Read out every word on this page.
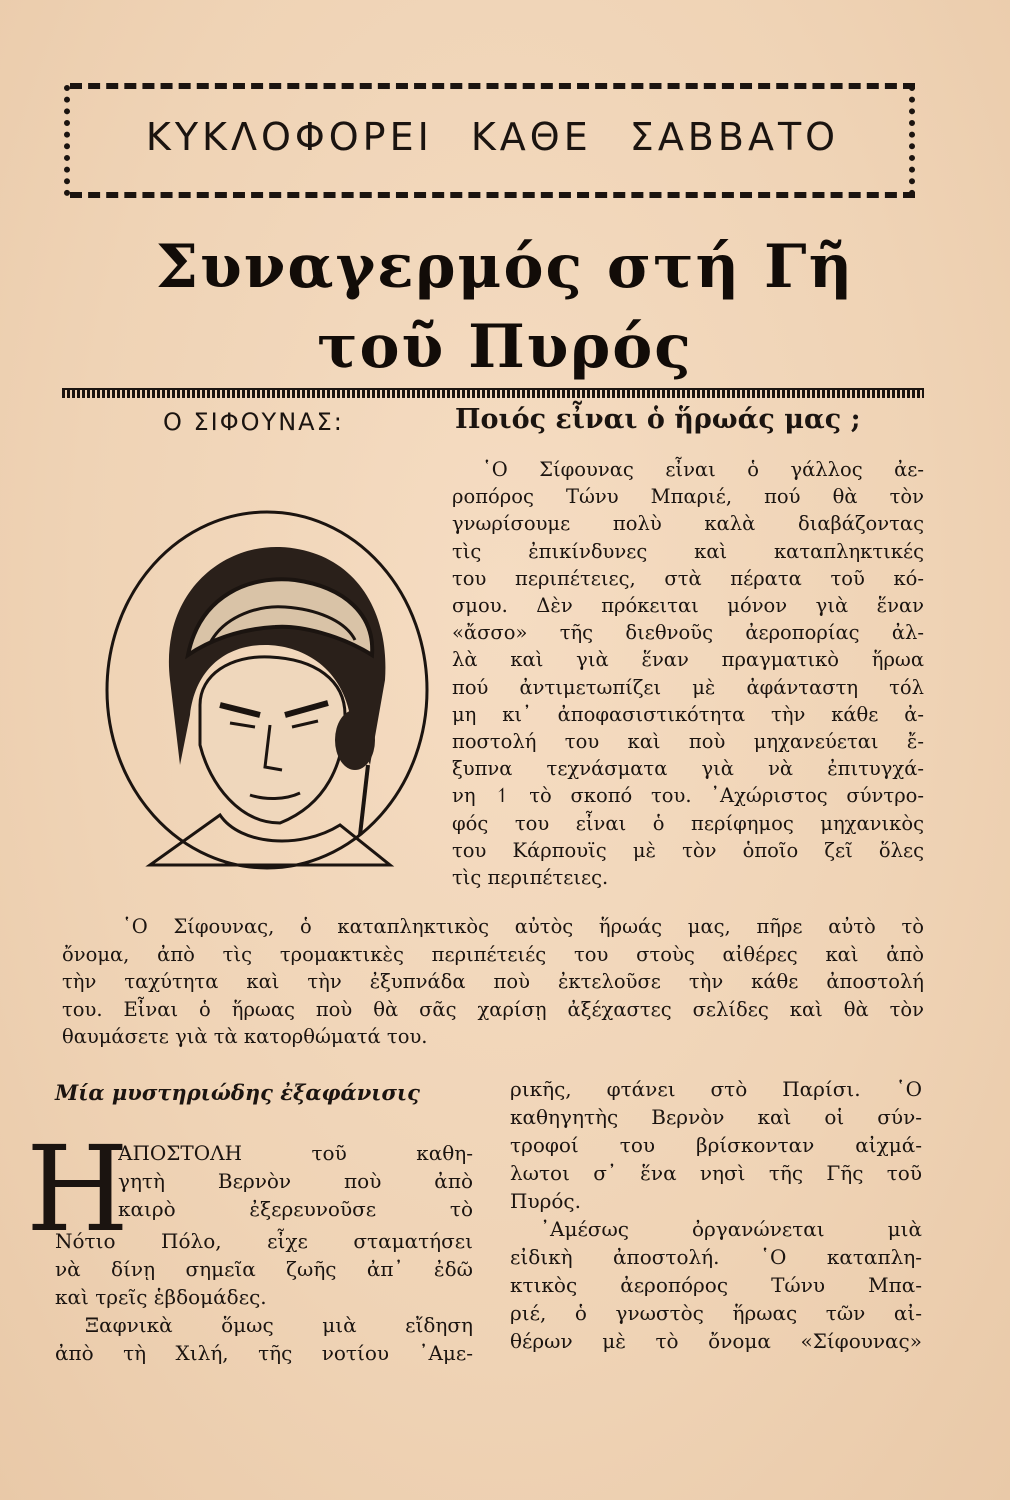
ΚΥΚΛΟΦΟΡΕΙ ΚΑΘΕ ΣΑΒΒΑΤΟ
Συναγερμός στή Γῆ
τοῦ Πυρός
Ο ΣΙΦΟΥΝΑΣ:	Ποιός εἶναι ὁ ἥρωάς μας ;
῾Ο Σίφουνας εἶναι ὁ γάλλος ἀε-
ροπόρος Τώνυ Μπαριέ, πού θὰ τὸν
γνωρίσουμε πολὺ καλὰ διαβάζοντας
τὶς ἐπικίνδυνες καὶ καταπληκτικές
του περιπέτειες, στὰ πέρατα τοῦ κό-
σμου. Δὲν πρόκειται μόνον γιὰ ἕναν
«ἄσσο» τῆς διεθνοῦς ἀεροπορίας ἀλ-
λὰ καὶ γιὰ ἕναν πραγματικὸ ἥρωα
πού ἀντιμετωπίζει μὲ ἀφάνταστη τόλ
μη κι᾿ ἀποφασιστικότητα τὴν κάθε ἀ-
ποστολή του καὶ ποὺ μηχανεύεται ἔ-
ξυπνα τεχνάσματα γιὰ νὰ ἐπιτυγχά-
νη ↿ τὸ σκοπό του. ᾿Αχώριστος σύντρο-
φός του εἶναι ὁ περίφημος μηχανικὸς
του Κάρπουϊς μὲ τὸν ὁποῖο ζεῖ ὅλες
τὶς περιπέτειες.
῾Ο Σίφουνας, ὁ καταπληκτικὸς αὐτὸς ἥρωάς μας, πῆρε αὐτὸ τὸ
ὄνομα, ἀπὸ τὶς τρομακτικὲς περιπέτειές του στοὺς αἰθέρες καὶ ἀπὸ
τὴν ταχύτητα καὶ τὴν ἐξυπνάδα ποὺ ἐκτελοῦσε τὴν κάθε ἀποστολή
του. Εἶναι ὁ ἥρωας ποὺ θὰ σᾶς χαρίσῃ ἀξέχαστες σελίδες καὶ θὰ τὸν
θαυμάσετε γιὰ τὰ κατορθώματά του.
Μία μυστηριώδης ἐξαφάνισις
Η
ΑΠΟΣΤΟΛΗ τοῦ καθη-
γητὴ Βερνὸν ποὺ ἀπὸ
καιρὸ ἐξερευνοῦσε τὸ
Νότιο Πόλο, εἶχε σταματήσει
νὰ δίνῃ σημεῖα ζωῆς ἀπ᾿ ἐδῶ
καὶ τρεῖς ἑβδομάδες.
Ξαφνικὰ ὅμως μιὰ εἴδηση
ἀπὸ τὴ Χιλή, τῆς νοτίου ᾿Αμε-
ρικῆς, φτάνει στὸ Παρίσι. ῾Ο
καθηγητὴς Βερνὸν καὶ οἱ σύν-
τροφοί του βρίσκονταν αἰχμά-
λωτοι σ᾿ ἕνα νησὶ τῆς Γῆς τοῦ
Πυρός.
᾿Αμέσως ὀργανώνεται μιὰ
εἰδικὴ ἀποστολή. ῾Ο καταπλη-
κτικὸς ἀεροπόρος Τώνυ Μπα-
ριέ, ὁ γνωστὸς ἥρωας τῶν αἰ-
θέρων μὲ τὸ ὄνομα «Σίφουνας»
